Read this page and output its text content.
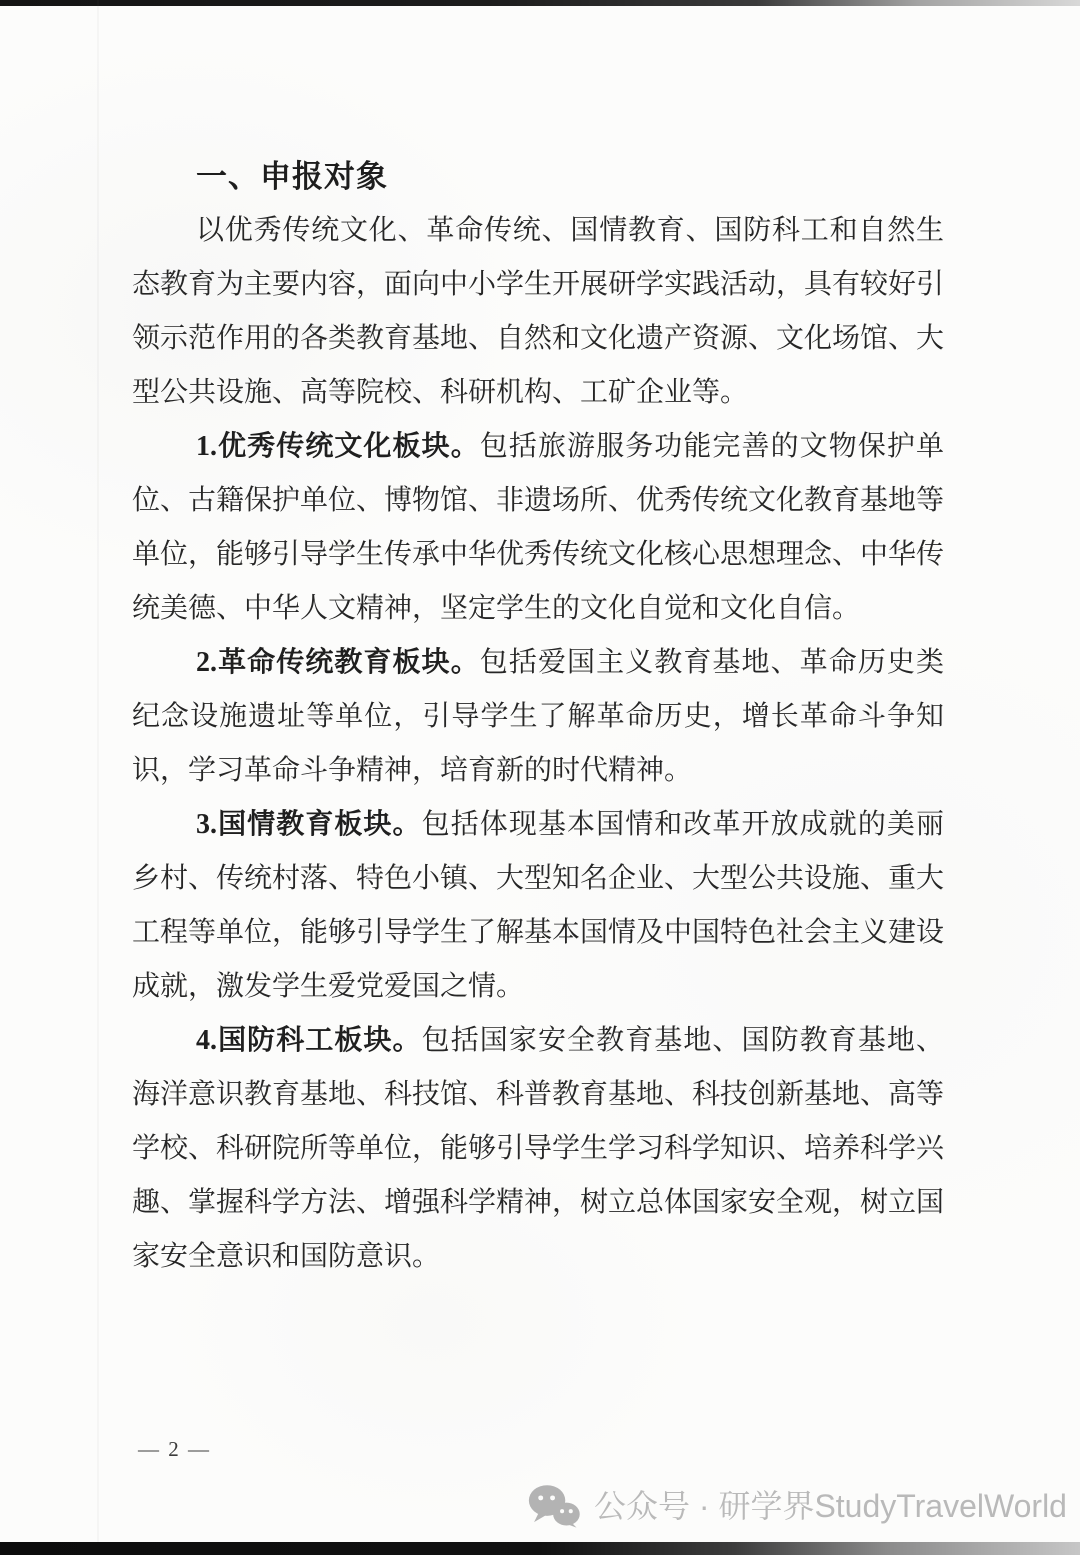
一、申报对象

以优秀传统文化、革命传统、国情教育、国防科工和自然生态教育为主要内容，面向中小学生开展研学实践活动，具有较好引领示范作用的各类教育基地、自然和文化遗产资源、文化场馆、大型公共设施、高等院校、科研机构、工矿企业等。

1.优秀传统文化板块。包括旅游服务功能完善的文物保护单位、古籍保护单位、博物馆、非遗场所、优秀传统文化教育基地等单位，能够引导学生传承中华优秀传统文化核心思想理念、中华传统美德、中华人文精神，坚定学生的文化自觉和文化自信。

2.革命传统教育板块。包括爱国主义教育基地、革命历史类纪念设施遗址等单位，引导学生了解革命历史，增长革命斗争知识，学习革命斗争精神，培育新的时代精神。

3.国情教育板块。包括体现基本国情和改革开放成就的美丽乡村、传统村落、特色小镇、大型知名企业、大型公共设施、重大工程等单位，能够引导学生了解基本国情及中国特色社会主义建设成就，激发学生爱党爱国之情。

4.国防科工板块。包括国家安全教育基地、国防教育基地、海洋意识教育基地、科技馆、科普教育基地、科技创新基地、高等学校、科研院所等单位，能够引导学生学习科学知识、培养科学兴趣、掌握科学方法、增强科学精神，树立总体国家安全观，树立国家安全意识和国防意识。

— 2 —
公众号 · 研学界StudyTravelWorld
